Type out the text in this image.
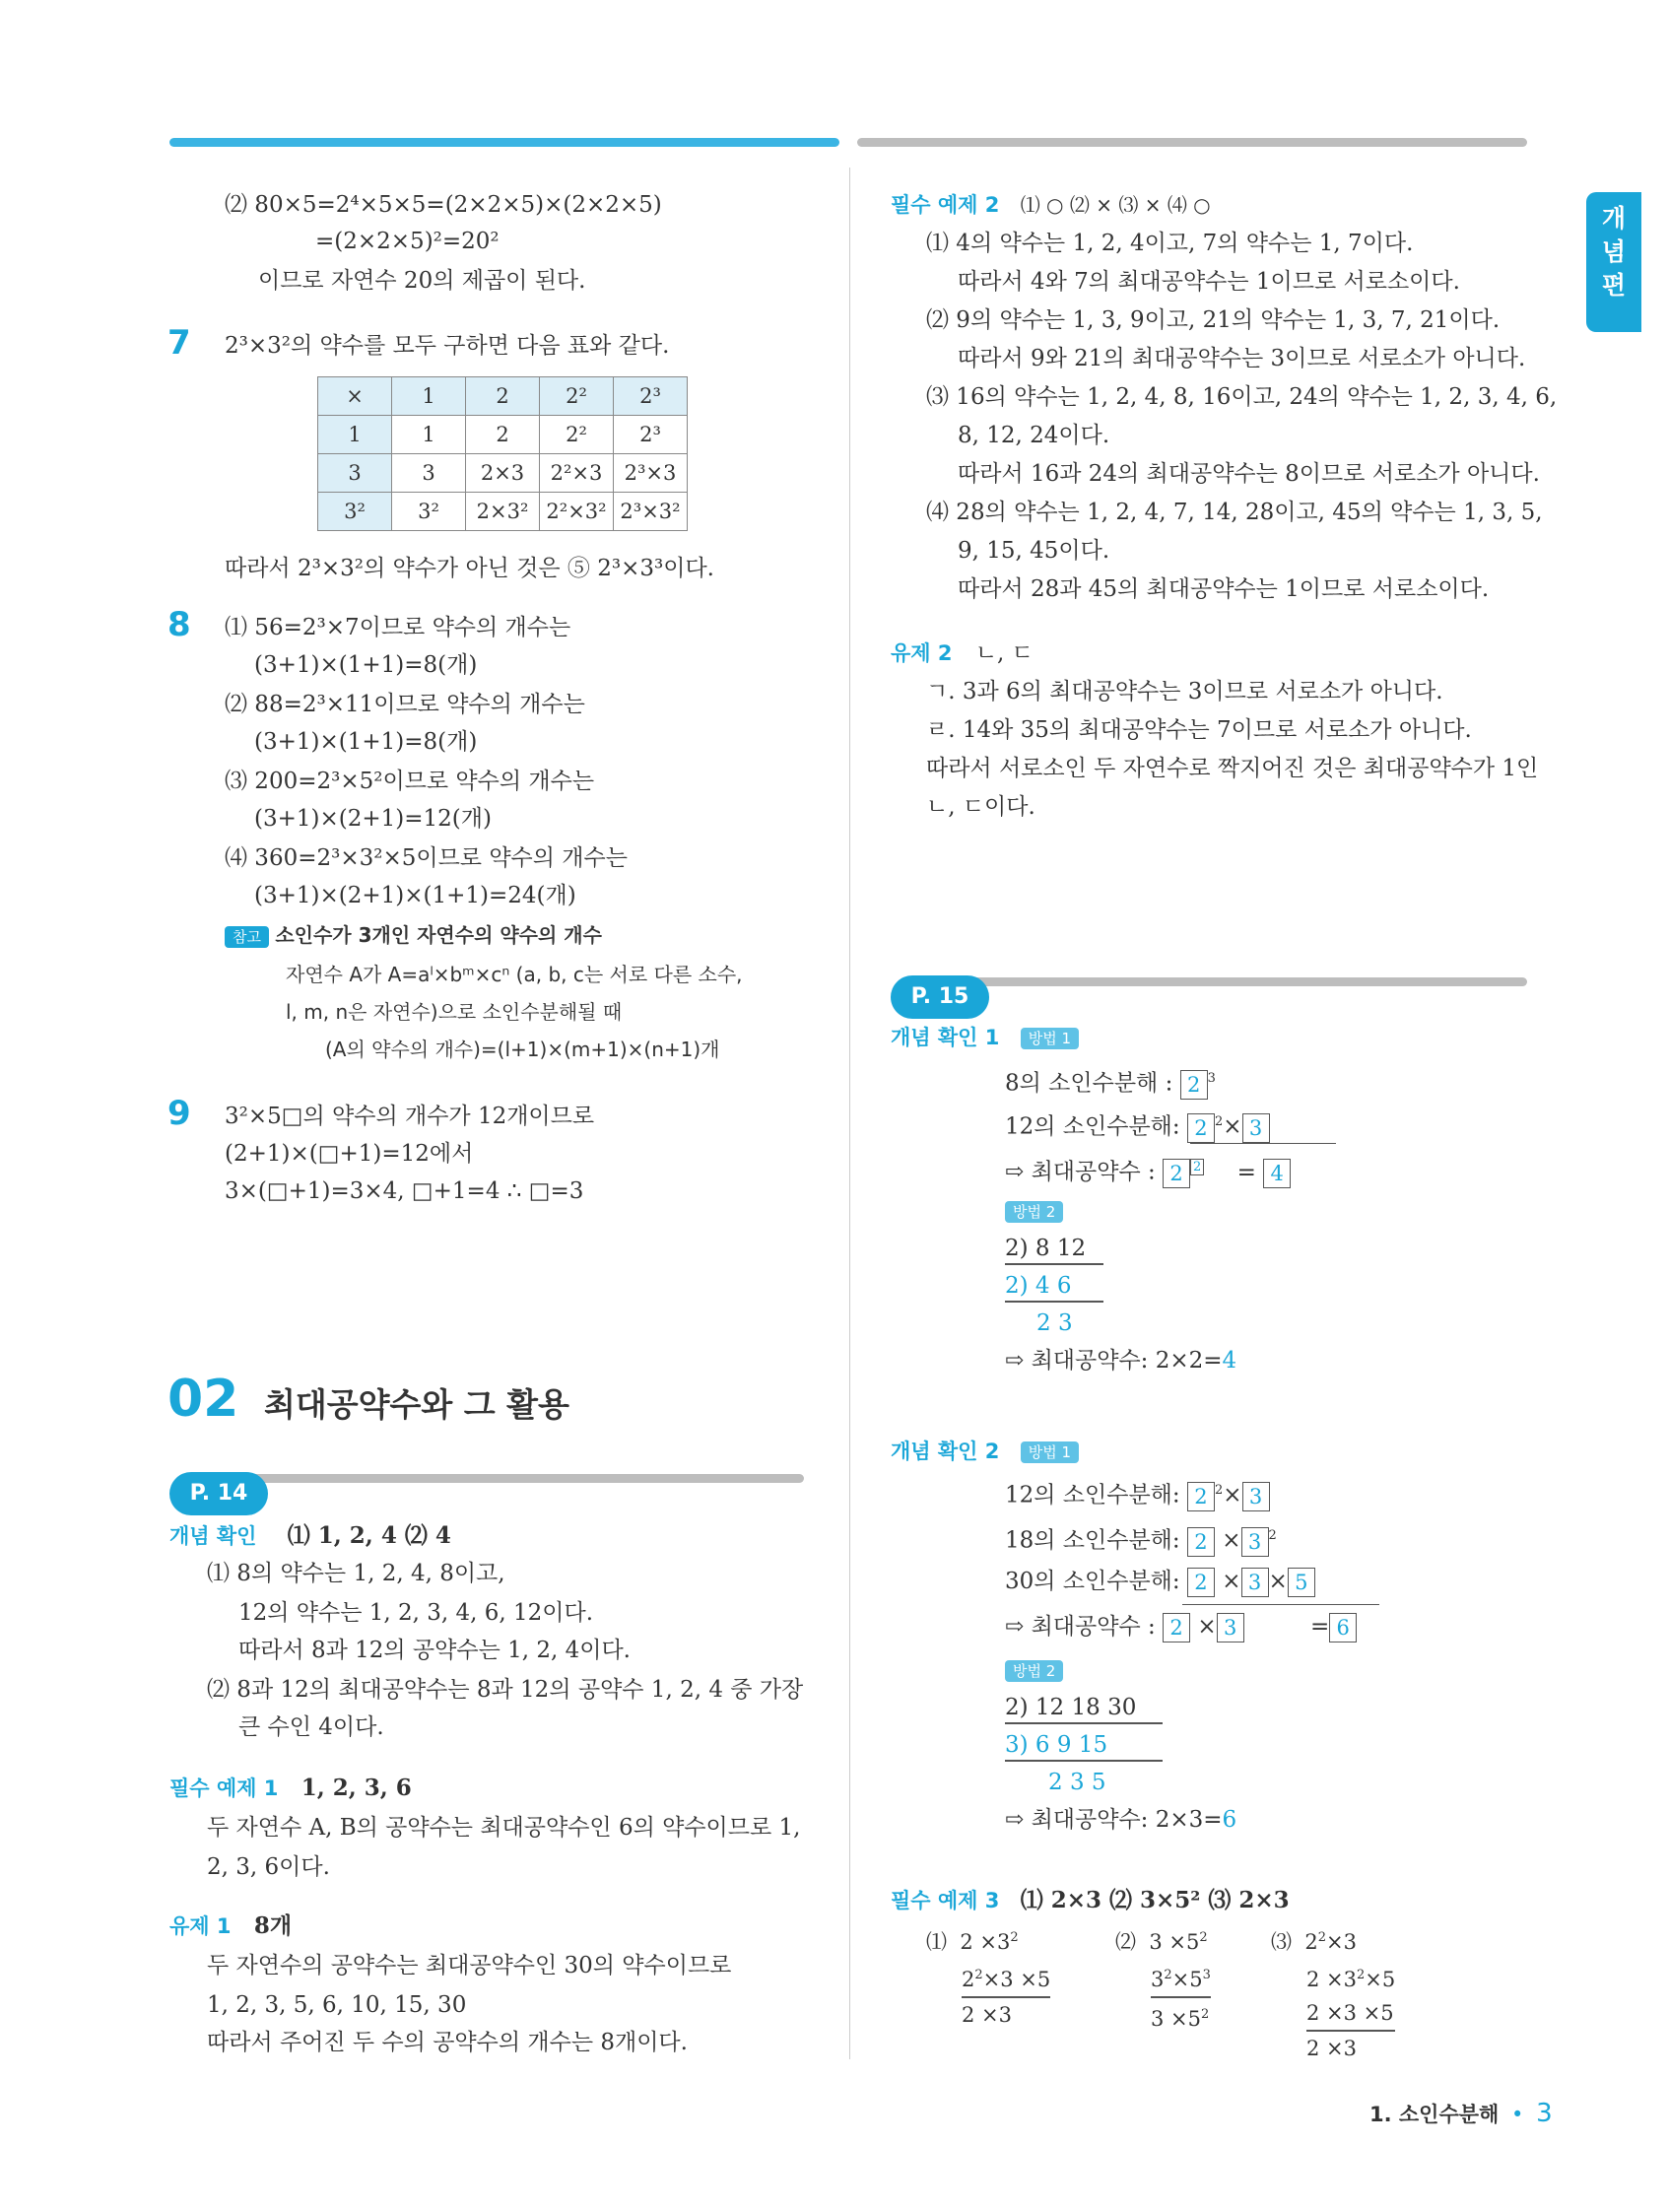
개
념
편
⑵ 80×5=2⁴×5×5=(2×2×5)×(2×2×5)
=(2×2×5)²=20²
이므로 자연수 20의 제곱이 된다.
7 2³×3²의 약수를 모두 구하면 다음 표와 같다.
×	1	2	2²	2³
1	1	2	2²	2³
3	3	2×3	2²×3	2³×3
3²	3²	2×3²	2²×3²	2³×3²
따라서 2³×3²의 약수가 아닌 것은 ⑤ 2³×3³이다.
8 ⑴ 56=2³×7이므로 약수의 개수는
(3+1)×(1+1)=8(개)
⑵ 88=2³×11이므로 약수의 개수는
(3+1)×(1+1)=8(개)
⑶ 200=2³×5²이므로 약수의 개수는
(3+1)×(2+1)=12(개)
⑷ 360=2³×3²×5이므로 약수의 개수는
(3+1)×(2+1)×(1+1)=24(개)
참고 소인수가 3개인 자연수의 약수의 개수
자연수 A가 A=aˡ×bᵐ×cⁿ (a, b, c는 서로 다른 소수,
l, m, n은 자연수)으로 소인수분해될 때
(A의 약수의 개수)=(l+1)×(m+1)×(n+1)개
9 3²×5□의 약수의 개수가 12개이므로
(2+1)×(□+1)=12에서
3×(□+1)=3×4, □+1=4 ∴ □=3
02 최대공약수와 그 활용
P. 14
개념 확인 ⑴ 1, 2, 4 ⑵ 4
⑴ 8의 약수는 1, 2, 4, 8이고,
12의 약수는 1, 2, 3, 4, 6, 12이다.
따라서 8과 12의 공약수는 1, 2, 4이다.
⑵ 8과 12의 최대공약수는 8과 12의 공약수 1, 2, 4 중 가장
큰 수인 4이다.
필수 예제 1 1, 2, 3, 6
두 자연수 A, B의 공약수는 최대공약수인 6의 약수이므로 1,
2, 3, 6이다.
유제 1 8개
두 자연수의 공약수는 최대공약수인 30의 약수이므로
1, 2, 3, 5, 6, 10, 15, 30
따라서 주어진 두 수의 공약수의 개수는 8개이다.
필수 예제 2 ⑴ ○ ⑵ × ⑶ × ⑷ ○
⑴ 4의 약수는 1, 2, 4이고, 7의 약수는 1, 7이다.
따라서 4와 7의 최대공약수는 1이므로 서로소이다.
⑵ 9의 약수는 1, 3, 9이고, 21의 약수는 1, 3, 7, 21이다.
따라서 9와 21의 최대공약수는 3이므로 서로소가 아니다.
⑶ 16의 약수는 1, 2, 4, 8, 16이고, 24의 약수는 1, 2, 3, 4, 6,
8, 12, 24이다.
따라서 16과 24의 최대공약수는 8이므로 서로소가 아니다.
⑷ 28의 약수는 1, 2, 4, 7, 14, 28이고, 45의 약수는 1, 3, 5,
9, 15, 45이다.
따라서 28과 45의 최대공약수는 1이므로 서로소이다.
유제 2 ㄴ, ㄷ
ㄱ. 3과 6의 최대공약수는 3이므로 서로소가 아니다.
ㄹ. 14와 35의 최대공약수는 7이므로 서로소가 아니다.
따라서 서로소인 두 자연수로 짝지어진 것은 최대공약수가 1인
ㄴ, ㄷ이다.
P. 15
개념 확인 1 방법 1
8의 소인수분해 : 2 $^3$
12의 소인수분해: 2 $^2$× 3
⇨ 최대공약수 : 2 $^2$ = 4
방법 2
2) 8 12
2) 4 6
2 3
⇨ 최대공약수: 2×2=4
개념 확인 2 방법 1
12의 소인수분해: 2 $^2$× 3
18의 소인수분해: 2 × 3 $^2$
30의 소인수분해: 2 × 3 × 5
⇨ 최대공약수 : 2 × 3	= 6
방법 2
2) 12 18 30
3) 6 9 15
2 3 5
⇨ 최대공약수: 2×3=6
필수 예제 3 ⑴ 2×3 ⑵ 3×5² ⑶ 2×3
⑴  $2 \times 3^2$
$2^2\times 3 \times 5$
2 ×3
⑵  $3 \times 5^2$
$3^2\times 5^3$
$3 \times 5^2$
⑶  $2^2\times 3$
$2 \times 3^2\times 5$
2 ×3 ×5
2 ×3
1. 소인수분해 • 3
